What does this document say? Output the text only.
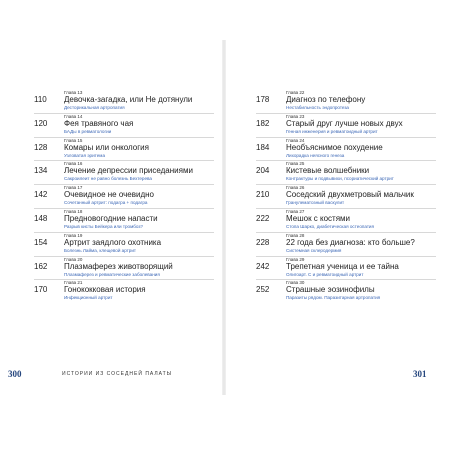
Глава 13
110	Девочка-загадка, или Не дотянули
Десторикальная артропатия
Глава 14
120	Фея травяного чая
БАДы в ревматологии
Глава 15
128	Комары или онкология
Узловатая эритема
Глава 16
134	Лечение депрессии приседаниями
Сакроилеит не равно болезнь Бехтерева
Глава 17
142	Очевидное не очевидно
Сочетанный артрит: подагра + подагра
Глава 18
148	Предновогодние напасти
Разрыв кисты Бейкера или тромбоз?
Глава 19
154	Артрит заядлого охотника
Болезнь Лайма, клещевой артрит
Глава 20
162	Плазмаферез животворящий
Плазмаферез и ревматические заболевания
Глава 21
170	Гонококковая история
Инфекционный артрит
Глава 22
178	Диагноз по телефону
Нестабильность эндопротеза
Глава 23
182	Старый друг лучше новых двух
Генная инженерия и ревматоидный артрит
Глава 24
184	Необъяснимое похудение
Лихорадка неясного генеза
Глава 25
204	Кистевые волшебники
Контрактуры и подвывихи, псориатический артрит
Глава 26
210	Соседский двухметровый мальчик
Гранулематозный васкулит
Глава 27
222	Мешок с костями
Стопа Шарко, диабетическая остеопатия
Глава 28
228	22 года без диагноза: кто больше?
Системная склеродермия
Глава 29
242	Трепетная ученица и ее тайна
Олигоарт. С и ревматоидный артрит
Глава 30
252	Страшные эозинофилы
Паразиты рядом. Паразитарная артропатия
300	ИСТОРИИ ИЗ СОСЕДНЕЙ ПАЛАТЫ	301
